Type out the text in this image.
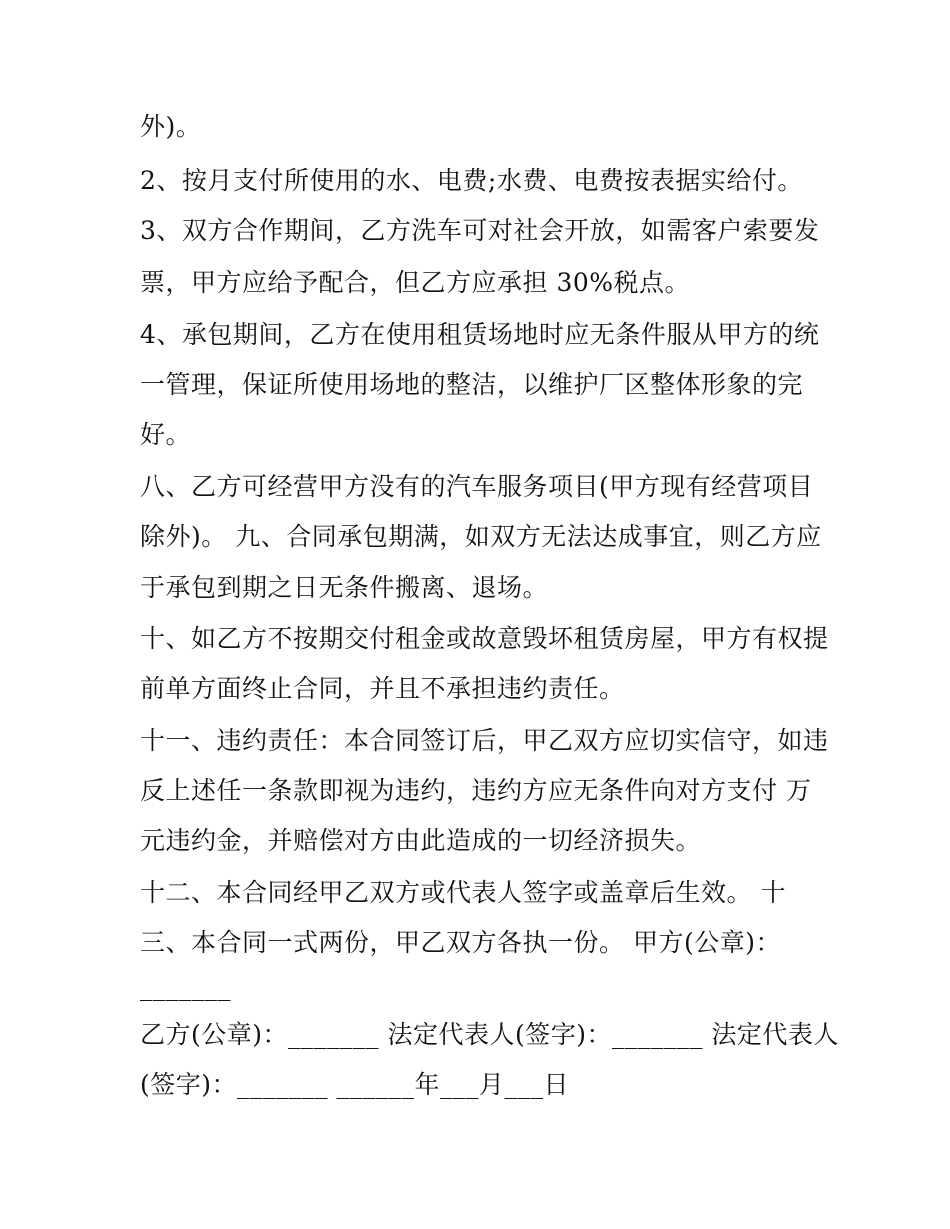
外)。
2、按月支付所使用的水、电费;水费、电费按表据实给付。
3、双方合作期间，乙方洗车可对社会开放，如需客户索要发
票，甲方应给予配合，但乙方应承担 30%税点。
4、承包期间，乙方在使用租赁场地时应无条件服从甲方的统
一管理，保证所使用场地的整洁，以维护厂区整体形象的完
好。
八、乙方可经营甲方没有的汽车服务项目(甲方现有经营项目
除外)。 九、合同承包期满，如双方无法达成事宜，则乙方应
于承包到期之日无条件搬离、退场。
十、如乙方不按期交付租金或故意毁坏租赁房屋，甲方有权提
前单方面终止合同，并且不承担违约责任。
十一、违约责任：本合同签订后，甲乙双方应切实信守，如违
反上述任一条款即视为违约，违约方应无条件向对方支付 万
元违约金，并赔偿对方由此造成的一切经济损失。
十二、本合同经甲乙双方或代表人签字或盖章后生效。 十
三、本合同一式两份，甲乙双方各执一份。 甲方(公章)：
_______
乙方(公章)：_______ 法定代表人(签字)：_______ 法定代表人
(签字)：_______ ______年___月___日
